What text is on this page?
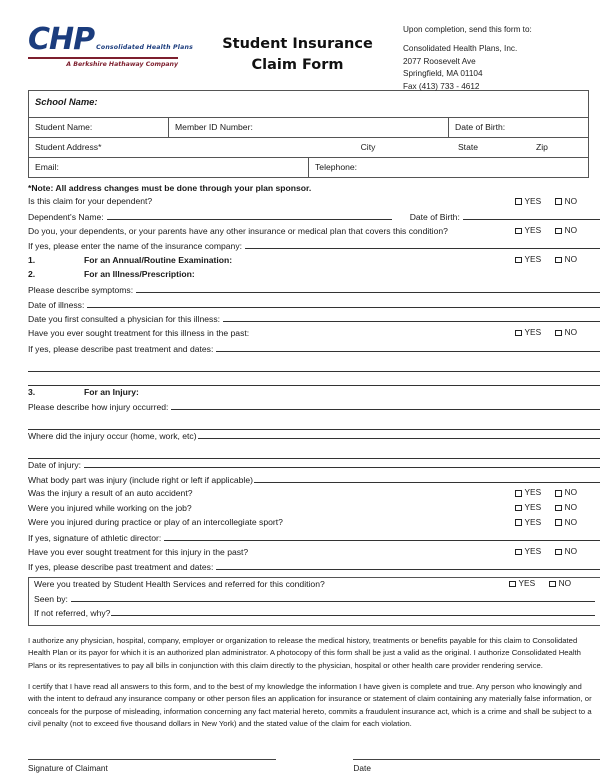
CHP Consolidated Health Plans
A Berkshire Hathaway Company
Student Insurance
Claim Form
Upon completion, send this form to:
Consolidated Health Plans, Inc.
2077 Roosevelt Ave
Springfield, MA 01104
Fax (413) 733 - 4612
School Name:			
Student Name:	Member ID Number:		Date of Birth:

Student Address* City State Zip			

Email:		Telephone:	
*Note: All address changes must be done through your plan sponsor.
Is this claim for your dependent?	YES	NO
Dependent's Name:	Date of Birth:
Do you, your dependents, or your parents have any other insurance or medical plan that covers this condition?	YES	NO
If yes, please enter the name of the insurance company:
1.	For an Annual/Routine Examination:	YES	NO
2.	For an Illness/Prescription:
Please describe symptoms:
Date of illness:
Date you first consulted a physician for this illness:
Have you ever sought treatment for this illness in the past:	YES	NO
If yes, please describe past treatment and dates:
3.	For an Injury:
Please describe how injury occurred:
Where did the injury occur (home, work, etc)
Date of injury:
What body part was injury (include right or left if applicable)
Was the injury a result of an auto accident?	YES	NO
Were you injured while working on the job?	YES	NO
Were you injured during practice or play of an intercollegiate sport?	YES	NO
If yes, signature of athletic director:
Have you ever sought treatment for this injury in the past?	YES	NO
If yes, please describe past treatment and dates:
Were you treated by Student Health Services and referred for this condition?	YES	NO
Seen by:
If not referred, why?
I authorize any physician, hospital, company, employer or organization to release the medical history, treatments or benefits payable for this claim to Consolidated Health Plan or its payor for which it is an authorized plan administrator. A photocopy of this form shall be just a valid as the original. I authorize Consolidated Health Plans or its representatives to pay all bills in conjunction with this claim directly to the physician, hospital or other health care provider rendering service.
I certify that I have read all answers to this form, and to the best of my knowledge the information I have given is complete and true. Any person who knowingly and with the intent to defraud any insurance company or other person files an application for insurance or statement of claim containing any materially false information, or conceals for the purpose of misleading, information concerning any fact material hereto, commits a fraudulent insurance act, which is a crime and shall be subject to a civil penalty (not to exceed five thousand dollars in New York) and the stated value of the claim for each violation.
Signature of Claimant	Date
